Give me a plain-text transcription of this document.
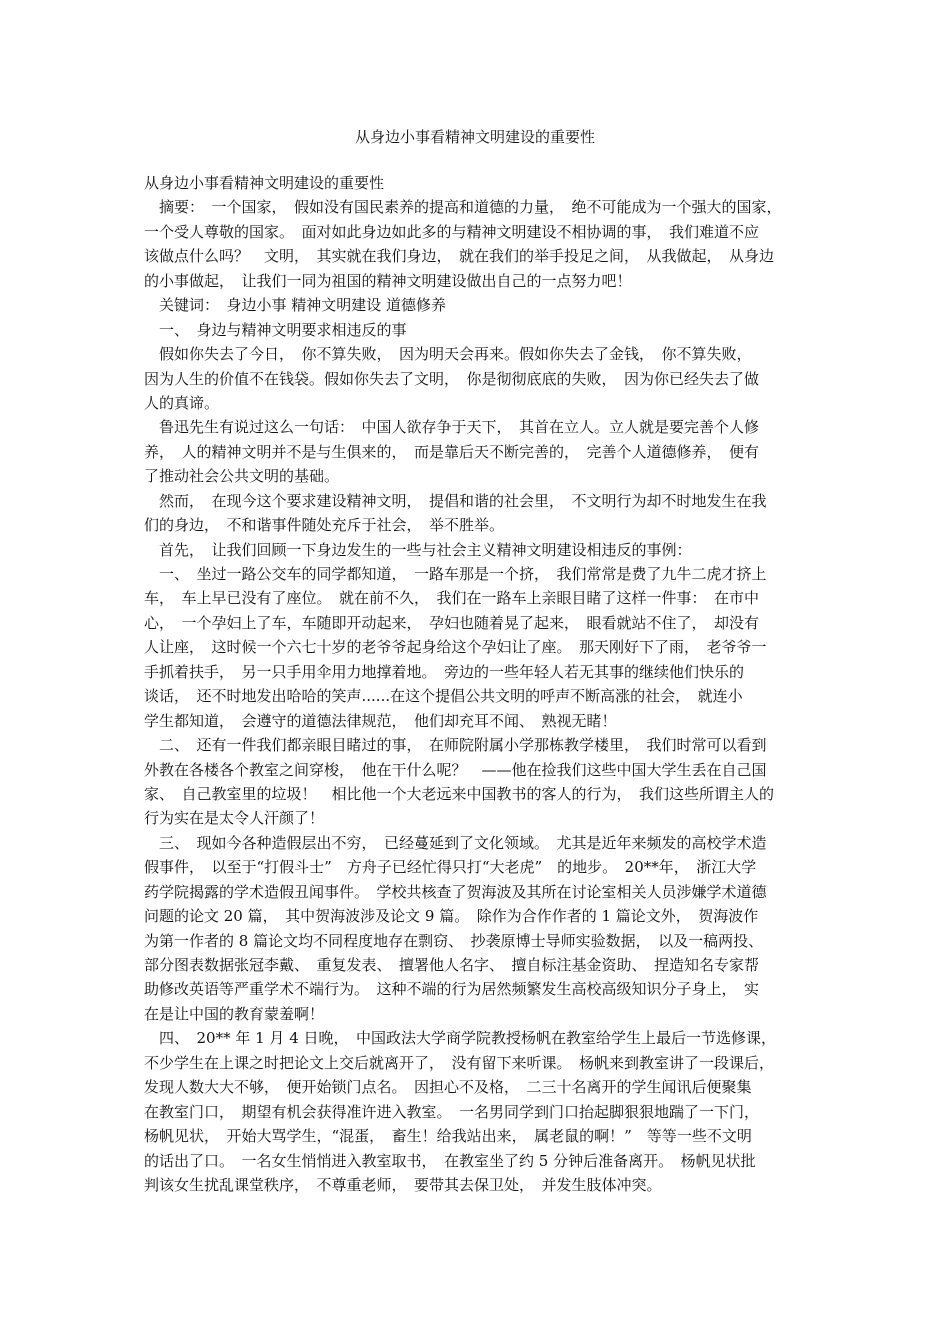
从身边小事看精神文明建设的重要性
从身边小事看精神文明建设的重要性
　摘要：　一个国家，　假如没有国民素养的提高和道德的力量，　绝不可能成为一个强大的国家，
一个受人尊敬的国家。　面对如此身边如此多的与精神文明建设不相协调的事，　我们难道不应
该做点什么吗？　文明，　其实就在我们身边，　就在我们的举手投足之间，　从我做起，　从身边
的小事做起，　让我们一同为祖国的精神文明建设做出自己的一点努力吧！
　关键词：　身边小事 精神文明建设 道德修养
　一、　身边与精神文明要求相违反的事
　假如你失去了今日，　你不算失败，　因为明天会再来。假如你失去了金钱，　你不算失败，
因为人生的价值不在钱袋。假如你失去了文明，　你是彻彻底底的失败，　因为你已经失去了做
人的真谛。
　鲁迅先生有说过这么一句话：　中国人欲存争于天下，　其首在立人。立人就是要完善个人修
养，　人的精神文明并不是与生俱来的，　而是靠后天不断完善的，　完善个人道德修养，　便有
了推动社会公共文明的基础。
　然而，　在现今这个要求建设精神文明，　提倡和谐的社会里，　不文明行为却不时地发生在我
们的身边，　不和谐事件随处充斥于社会，　举不胜举。
　首先，　让我们回顾一下身边发生的一些与社会主义精神文明建设相违反的事例：
　一、　坐过一路公交车的同学都知道，　一路车那是一个挤，　我们常常是费了九牛二虎才挤上
车，　车上早已没有了座位。　就在前不久，　我们在一路车上亲眼目睹了这样一件事：　在市中
心，　一个孕妇上了车，车随即开动起来，　孕妇也随着晃了起来，　眼看就站不住了，　却没有
人让座，　这时候一个六七十岁的老爷爷起身给这个孕妇让了座。　那天刚好下了雨，　老爷爷一
手抓着扶手，　另一只手用伞用力地撑着地。　旁边的一些年轻人若无其事的继续他们快乐的
谈话，　还不时地发出哈哈的笑声......在这个提倡公共文明的呼声不断高涨的社会，　就连小
学生都知道，　会遵守的道德法律规范，　他们却充耳不闻、　熟视无睹！
　二、　还有一件我们都亲眼目睹过的事，　在师院附属小学那栋教学楼里，　我们时常可以看到
外教在各楼各个教室之间穿梭，　他在干什么呢？　——他在捡我们这些中国大学生丢在自己国
家、　自己教室里的垃圾！　相比他一个大老远来中国教书的客人的行为，　我们这些所谓主人的
行为实在是太令人汗颜了！
　三、　现如今各种造假层出不穷，　已经蔓延到了文化领域。　尤其是近年来频发的高校学术造
假事件，　以至于“打假斗士”　方舟子已经忙得只打“大老虎”　的地步。　20**年，　浙江大学
药学院揭露的学术造假丑闻事件。　学校共核查了贺海波及其所在讨论室相关人员涉嫌学术道德
问题的论文 20 篇，　其中贺海波涉及论文 9 篇。　除作为合作作者的 1 篇论文外，　贺海波作
为第一作者的 8 篇论文均不同程度地存在剽窃、　抄袭原博士导师实验数据，　以及一稿两投、
部分图表数据张冠李戴、　重复发表、　擅署他人名字、　擅自标注基金资助、　捏造知名专家帮
助修改英语等严重学术不端行为。　这种不端的行为居然频繁发生高校高级知识分子身上，　实
在是让中国的教育蒙羞啊！
　四、　20** 年 1 月 4 日晚，　中国政法大学商学院教授杨帆在教室给学生上最后一节选修课，
不少学生在上课之时把论文上交后就离开了，　没有留下来听课。　杨帆来到教室讲了一段课后，
发现人数大大不够，　便开始锁门点名。　因担心不及格，　二三十名离开的学生闻讯后便聚集
在教室门口，　期望有机会获得准许进入教室。　一名男同学到门口抬起脚狠狠地踹了一下门，
杨帆见状，　开始大骂学生，“混蛋，　畜生！给我站出来，　属老鼠的啊！”　等等一些不文明
的话出了口。　一名女生悄悄进入教室取书，　在教室坐了约 5 分钟后准备离开。　杨帆见状批
判该女生扰乱课堂秩序，　不尊重老师，　要带其去保卫处，　并发生肢体冲突。
